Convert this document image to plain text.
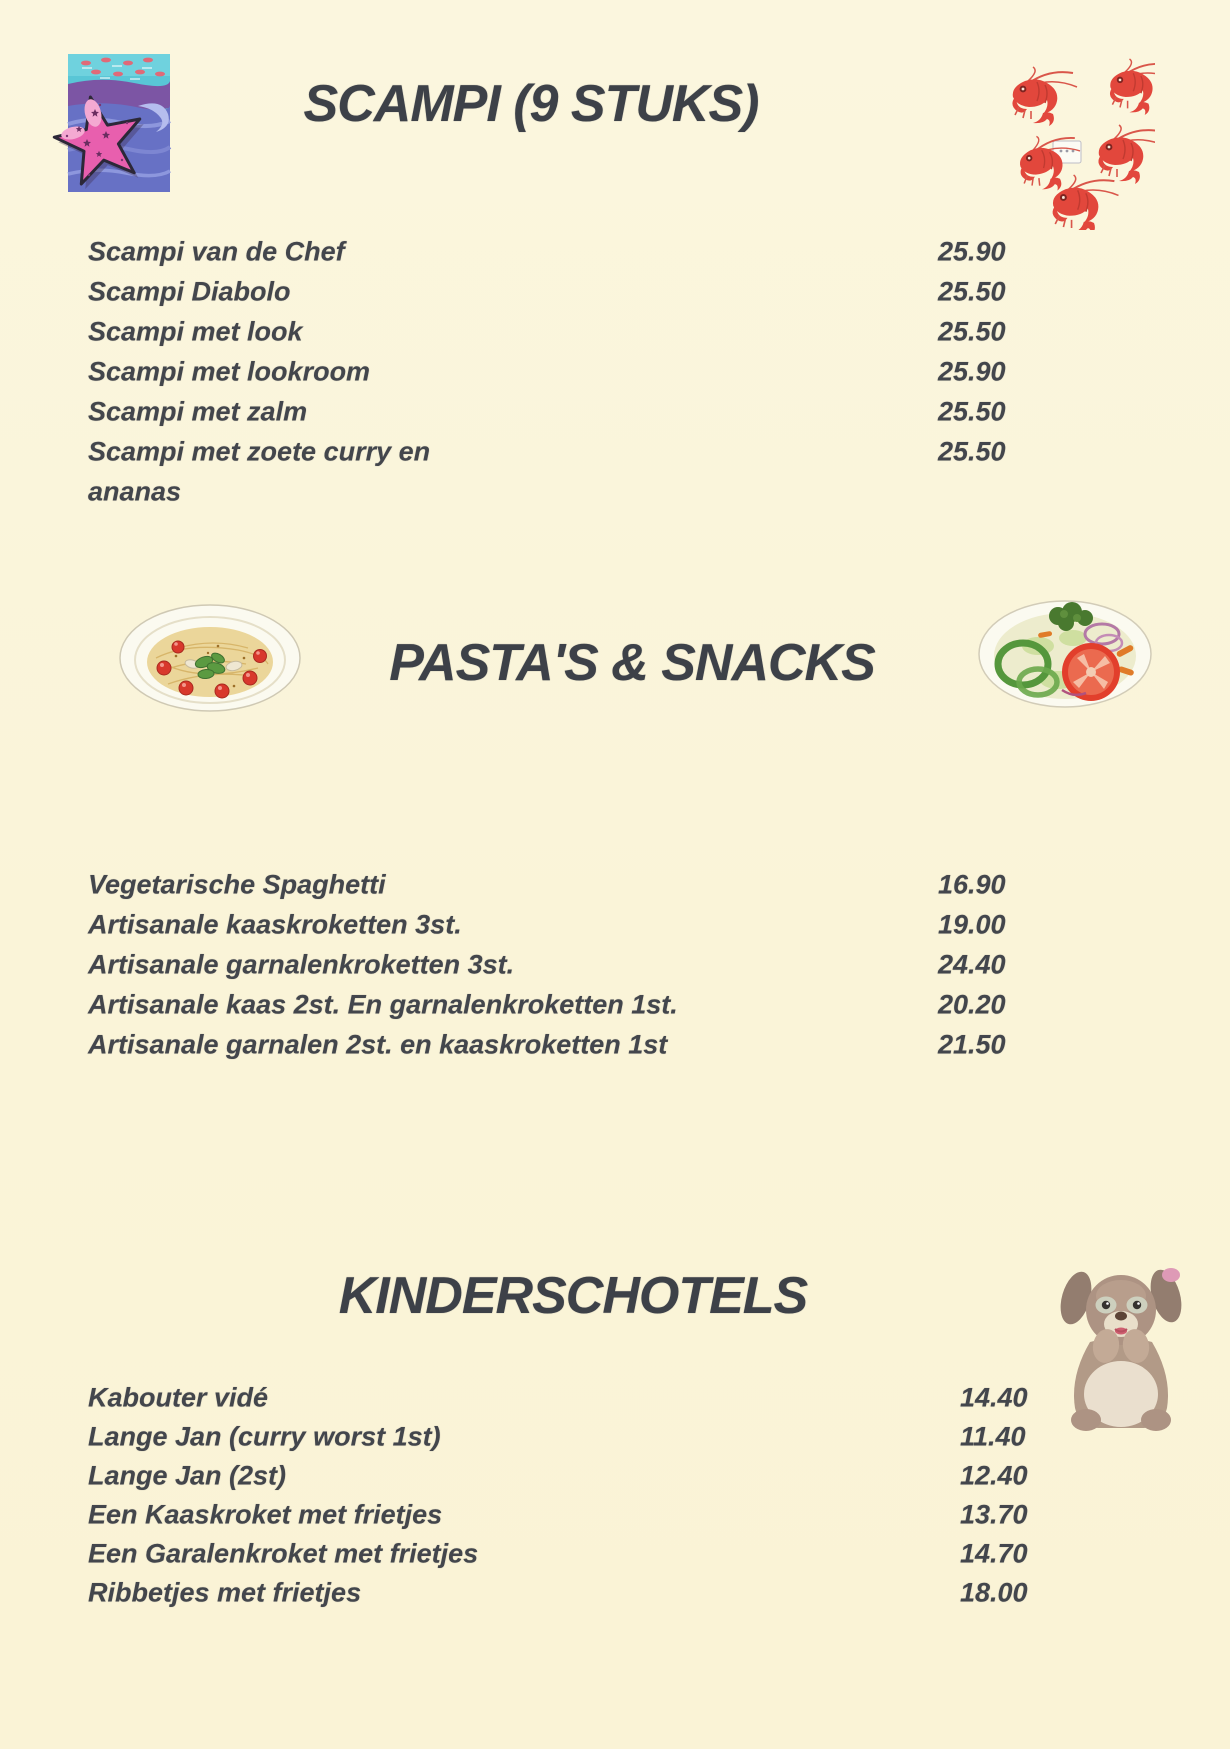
SCAMPI (9 STUKS)
Scampi van de Chef	25.90
Scampi Diabolo	25.50
Scampi met look	25.50
Scampi met lookroom	25.90
Scampi met zalm	25.50
Scampi met zoete curry en	25.50
ananas
PASTA'S & SNACKS
Vegetarische Spaghetti	16.90
Artisanale kaaskroketten 3st.	19.00
Artisanale garnalenkroketten 3st.	24.40
Artisanale kaas 2st. En garnalenkroketten 1st.	20.20
Artisanale garnalen 2st. en kaaskroketten 1st	21.50
KINDERSCHOTELS
Kabouter vidé	14.40
Lange Jan (curry worst 1st)	11.40
Lange Jan (2st)	12.40
Een Kaaskroket met frietjes	13.70
Een Garalenkroket met frietjes	14.70
Ribbetjes met frietjes	18.00
